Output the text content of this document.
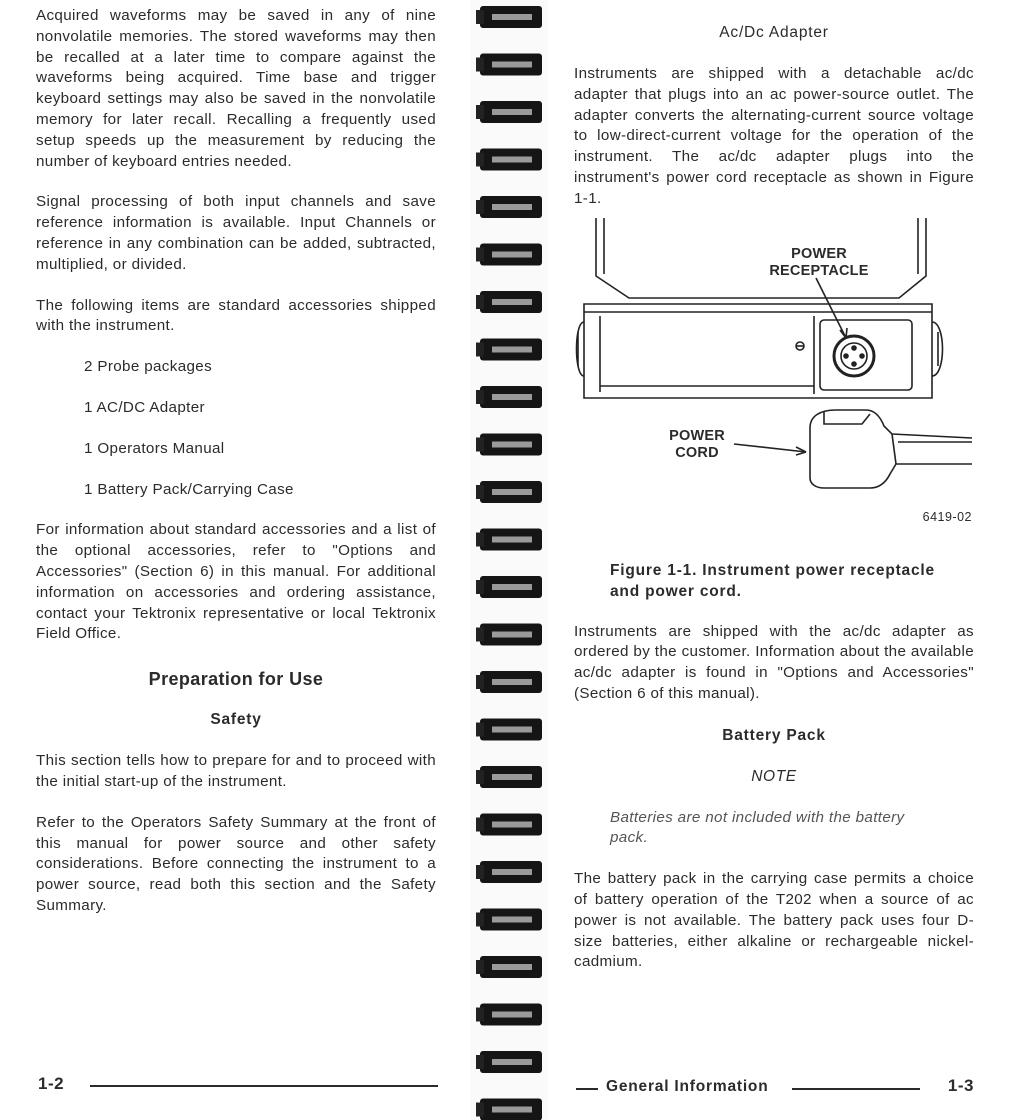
Acquired waveforms may be saved in any of nine nonvolatile memories. The stored waveforms may then be recalled at a later time to compare against the waveforms being acquired. Time base and trigger keyboard settings may also be saved in the nonvolatile memory for later recall. Recalling a frequently used setup speeds up the measurement by reducing the number of keyboard entries needed.

Signal processing of both input channels and save reference information is available. Input Channels or reference in any combination can be added, subtracted, multiplied, or divided.

The following items are standard accessories shipped with the instrument.

2 Probe packages
1 AC/DC Adapter
1 Operators Manual
1 Battery Pack/Carrying Case

For information about standard accessories and a list of the optional accessories, refer to "Options and Accessories" (Section 6) in this manual. For additional information on accessories and ordering assistance, contact your Tektronix representative or local Tektronix Field Office.

Preparation for Use
Safety

This section tells how to prepare for and to proceed with the initial start-up of the instrument.

Refer to the Operators Safety Summary at the front of this manual for power source and other safety considerations. Before connecting the instrument to a power source, read both this section and the Safety Summary.

1-2
Ac/Dc Adapter

Instruments are shipped with a detachable ac/dc adapter that plugs into an ac power-source outlet. The adapter converts the alternating-current source voltage to low-direct-current voltage for the operation of the instrument. The ac/dc adapter plugs into the instrument's power cord receptacle as shown in Figure 1-1.

POWER
RECEPTACLE
POWER
CORD
6419-02

Figure 1-1. Instrument power receptacle and power cord.

Instruments are shipped with the ac/dc adapter as ordered by the customer. Information about the available ac/dc adapter is found in "Options and Accessories" (Section 6 of this manual).

Battery Pack

NOTE

Batteries are not included with the battery pack.

The battery pack in the carrying case permits a choice of battery operation of the T202 when a source of ac power is not available. The battery pack uses four D-size batteries, either alkaline or rechargeable nickel-cadmium.

General Information	1-3
